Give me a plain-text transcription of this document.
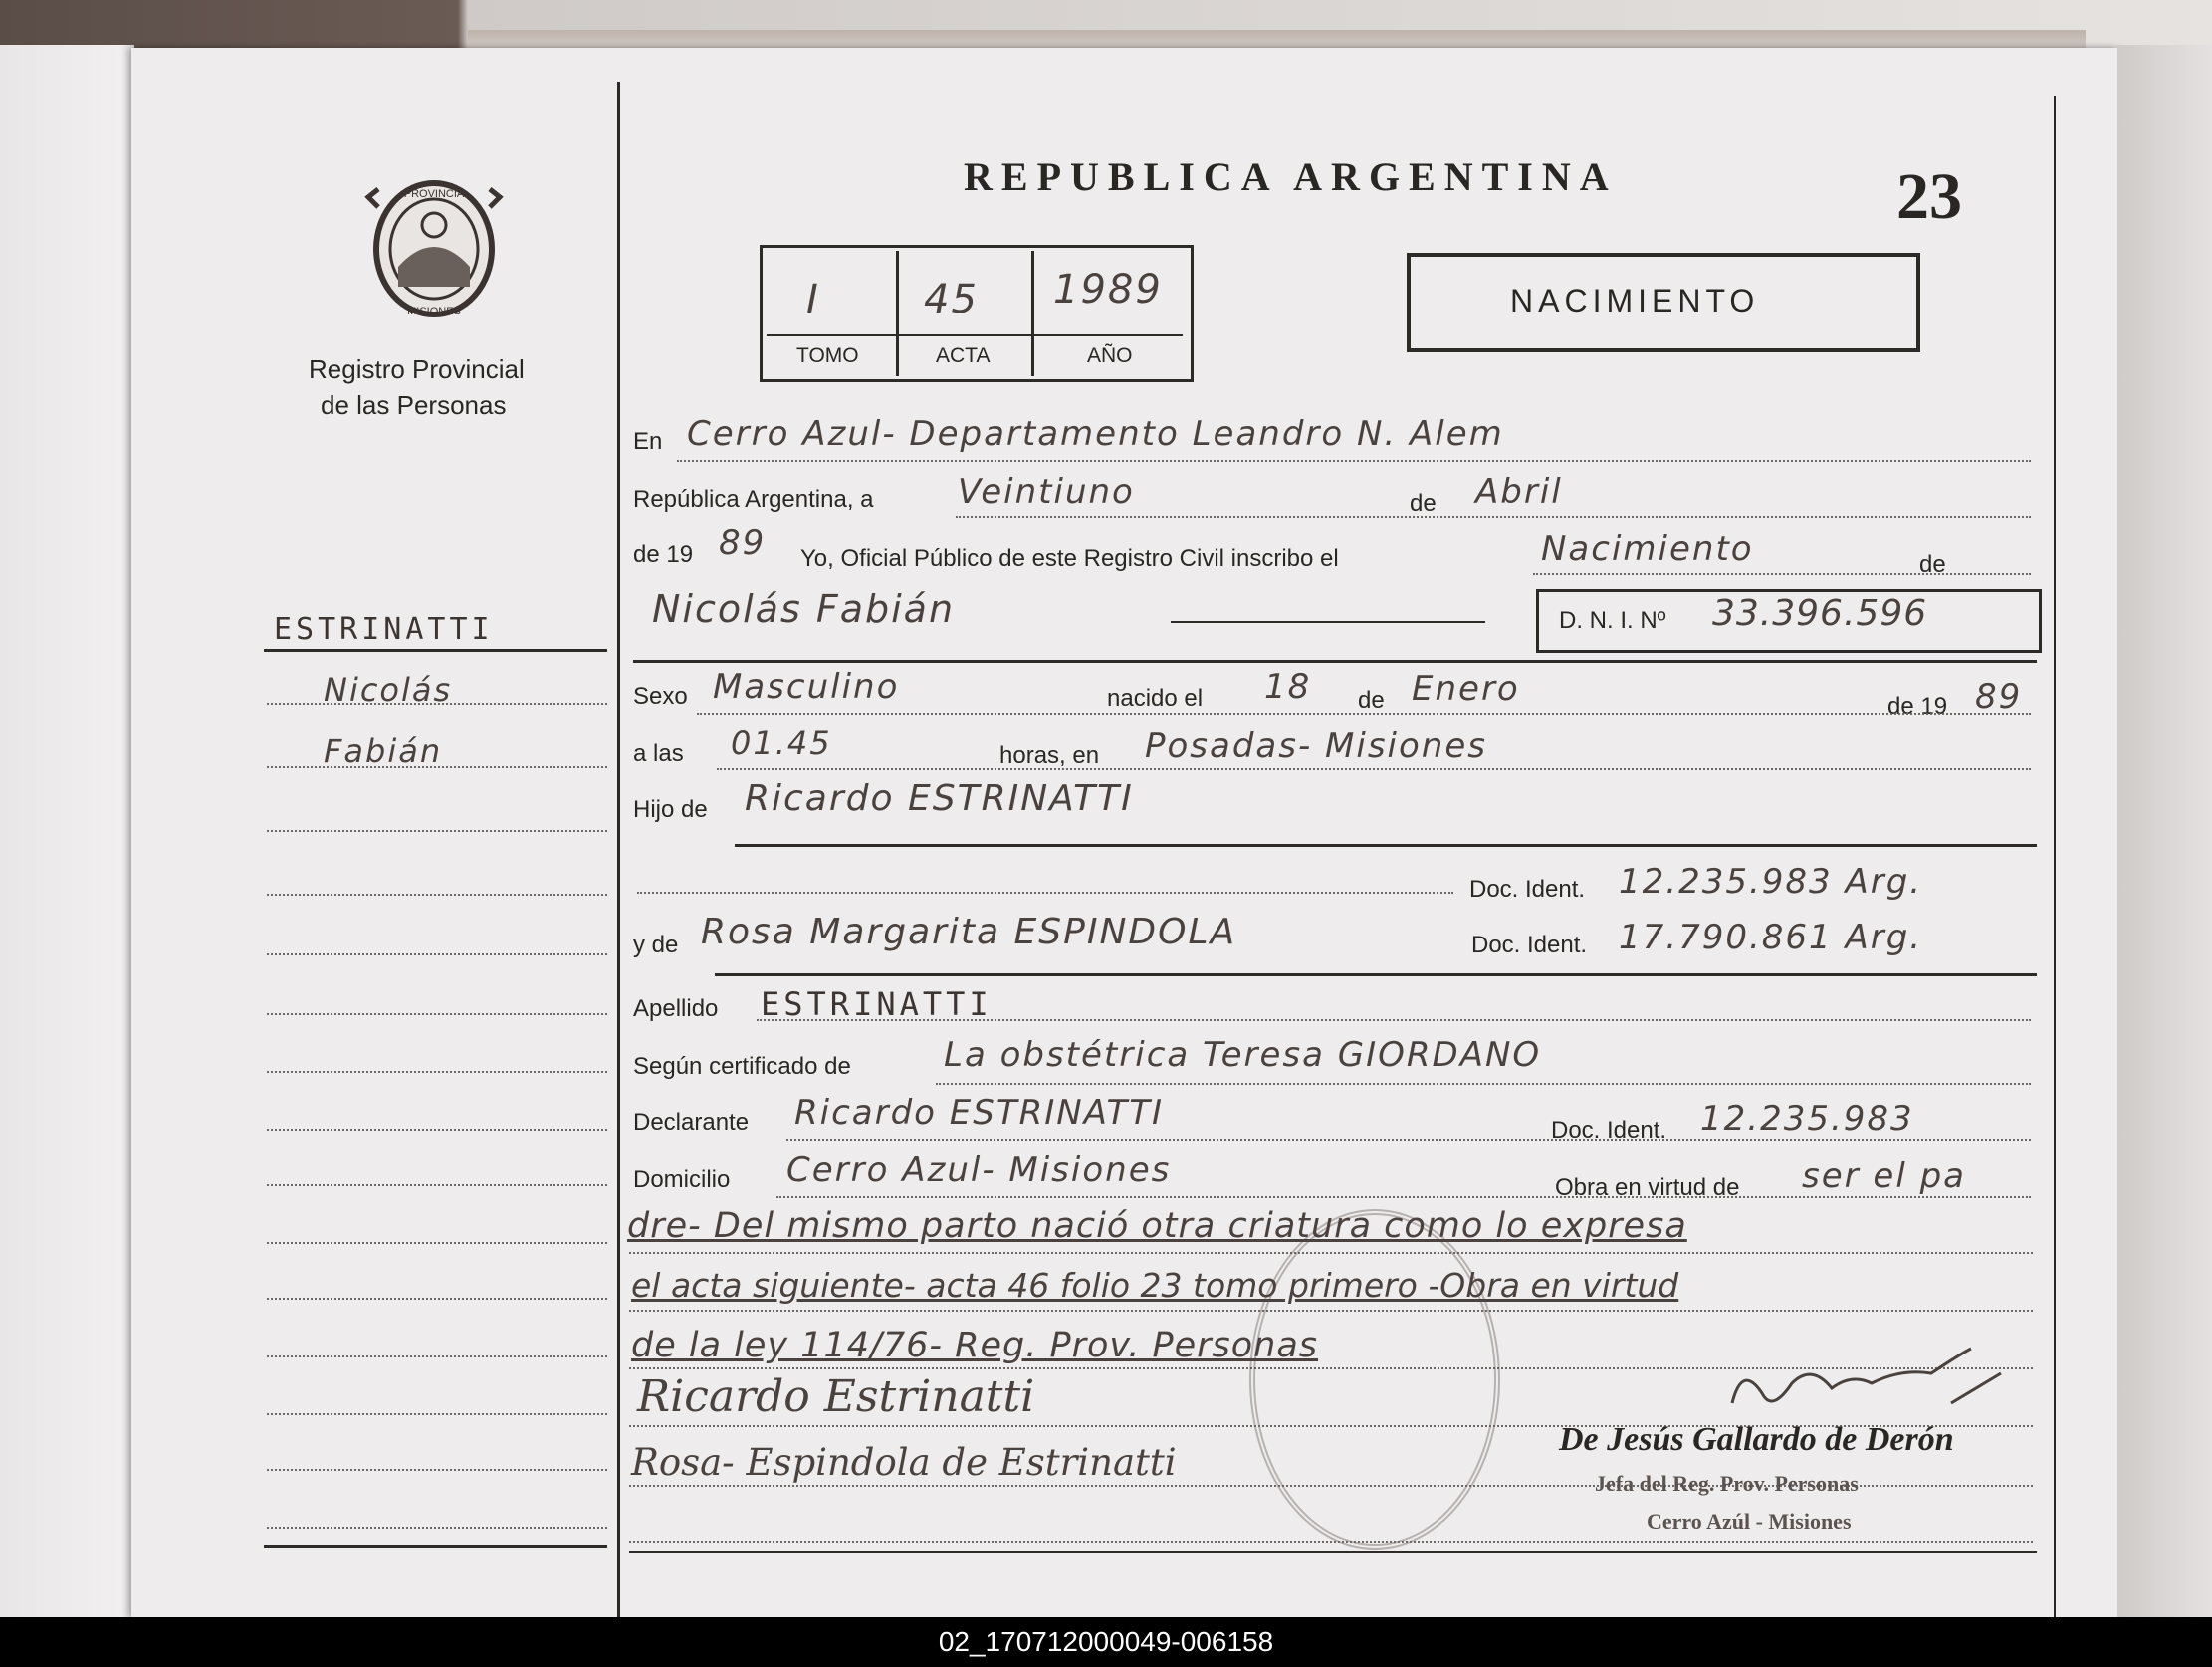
PROVINCIA
MISIONES
Registro Provincial
de las Personas
REPUBLICA ARGENTINA	23
I	45 1989
TOMO	ACTA	AÑO
NACIMIENTO
ESTRINATTI
Nicolás
Fabián
En Cerro Azul- Departamento Leandro N. Alem
República Argentina, a Veintiuno	de Abril
de 19 89 Yo, Oficial Público de este Registro Civil inscribo el	Nacimiento	de
Nicolás Fabián	D. N. I. Nº 33.396.596
Sexo Masculino	nacido el 18 de Enero	de 19 89
a las 01.45	horas, en Posadas- Misiones
Hijo de Ricardo ESTRINATTI
Doc. Ident. 12.235.983 Arg.
y de Rosa Margarita ESPINDOLA	Doc. Ident. 17.790.861 Arg.
Apellido ESTRINATTI
Según certificado de	La obstétrica Teresa GIORDANO
Declarante Ricardo ESTRINATTI	Doc. Ident. 12.235.983
Domicilio Cerro Azul- Misiones	Obra en virtud de ser el pa
dre- Del mismo parto nació otra criatura como lo expresa
el acta siguiente- acta 46 folio 23 tomo primero -Obra en virtud
de la ley 114/76- Reg. Prov. Personas
Ricardo Estrinatti
Rosa- Espindola de Estrinatti
De Jesús Gallardo de Derón
Jefa del Reg. Prov. Personas
Cerro Azúl - Misiones
02_170712000049-006158
